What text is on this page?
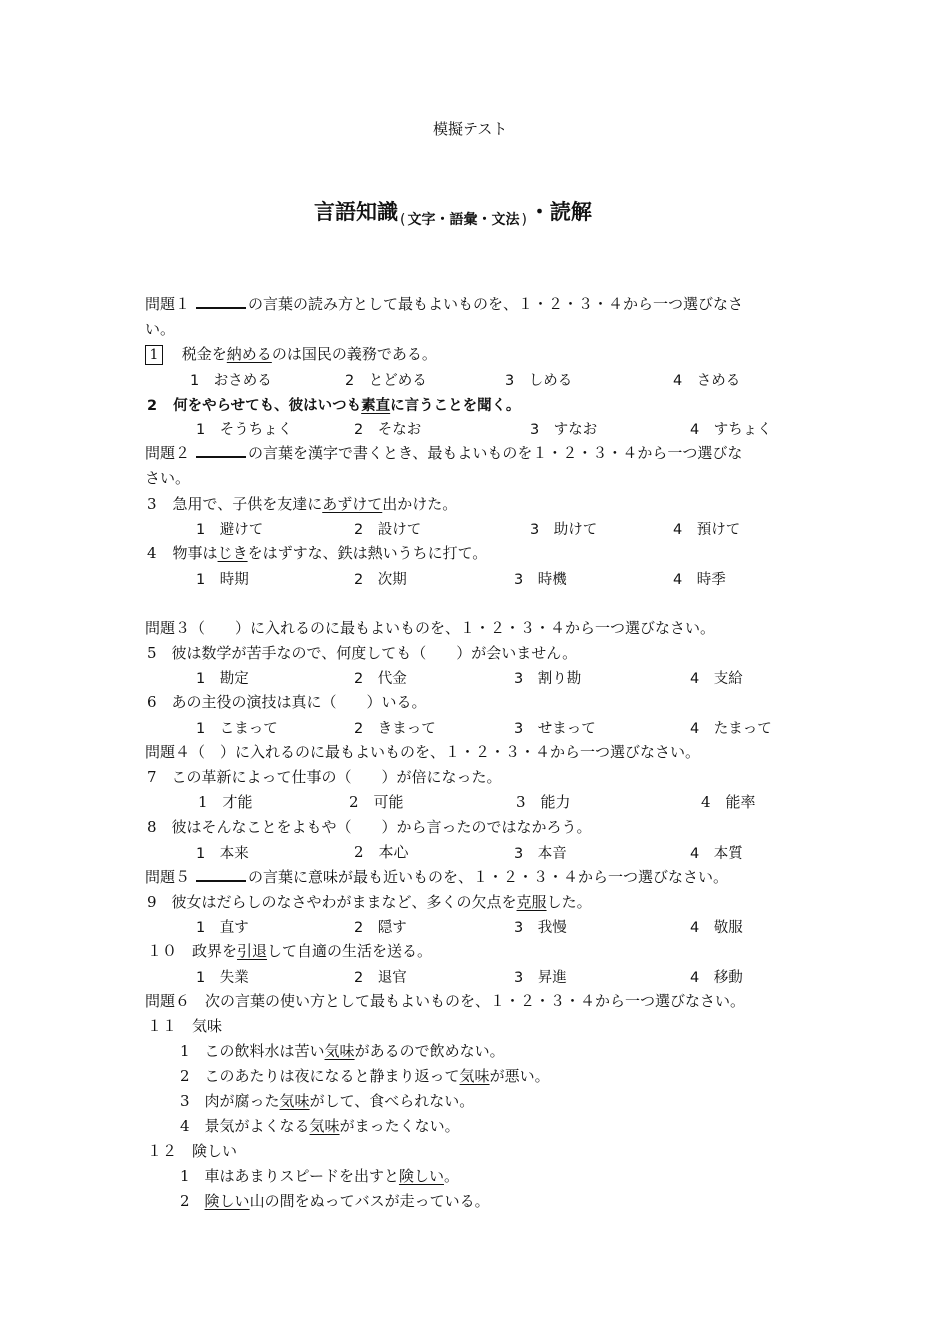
模擬テスト
言語知識 ( 文字・語彙・文法 )・読解
問題１	の言葉の読み方として最もよいものを、１・２・３・４から一つ選びなさ
い。
1 税金を納めるのは国民の義務である。
1　おさめる	2　とどめる	3　しめる	4　さめる
2 何をやらせても、彼はいつも素直に言うことを聞く。
1　そうちょく	2　そなお	3　すなお	4　すちょく
問題２	の言葉を漢字で書くとき、最もよいものを１・２・３・４から一つ選びな
さい。
3 急用で、子供を友達にあずけて出かけた。
1　避けて	2　設けて	3　助けて	4　預けて
4 物事はじきをはずすな、鉄は熱いうちに打て。
1　時期	2　次期	3　時機	4　時季
問題３（　　）に入れるのに最もよいものを、１・２・３・４から一つ選びなさい。
5　彼は数学が苦手なので、何度しても（　　）が会いません。
1　勘定	2　代金	3　割り勘	4　支給
6　あの主役の演技は真に（　　）いる。
1　こまって	2　きまって	3　せまって	4　たまって
問題４（　）に入れるのに最もよいものを、１・２・３・４から一つ選びなさい。
7　この革新によって仕事の（　　）が倍になった。
1　才能	2　可能	3　能力	4　能率
8　彼はそんなことをよもや（　　）から言ったのではなかろう。
1　本来	2　本心	3　本音	4　本質
問題５	の言葉に意味が最も近いものを、１・２・３・４から一つ選びなさい。
9　彼女はだらしのなさやわがままなど、多くの欠点を克服した。
1　直す	2　隠す	3　我慢	4　敬服
１０　政界を引退して自適の生活を送る。
1　失業	2　退官	3　昇進	4　移動
問題６　次の言葉の使い方として最もよいものを、１・２・３・４から一つ選びなさい。
１１　気味
1　この飲料水は苦い気味があるので飲めない。
2　このあたりは夜になると静まり返って気味が悪い。
3　肉が腐った気味がして、食べられない。
4　景気がよくなる気味がまったくない。
１２　険しい
1　車はあまりスピードを出すと険しい。
2　険しい山の間をぬってバスが走っている。
